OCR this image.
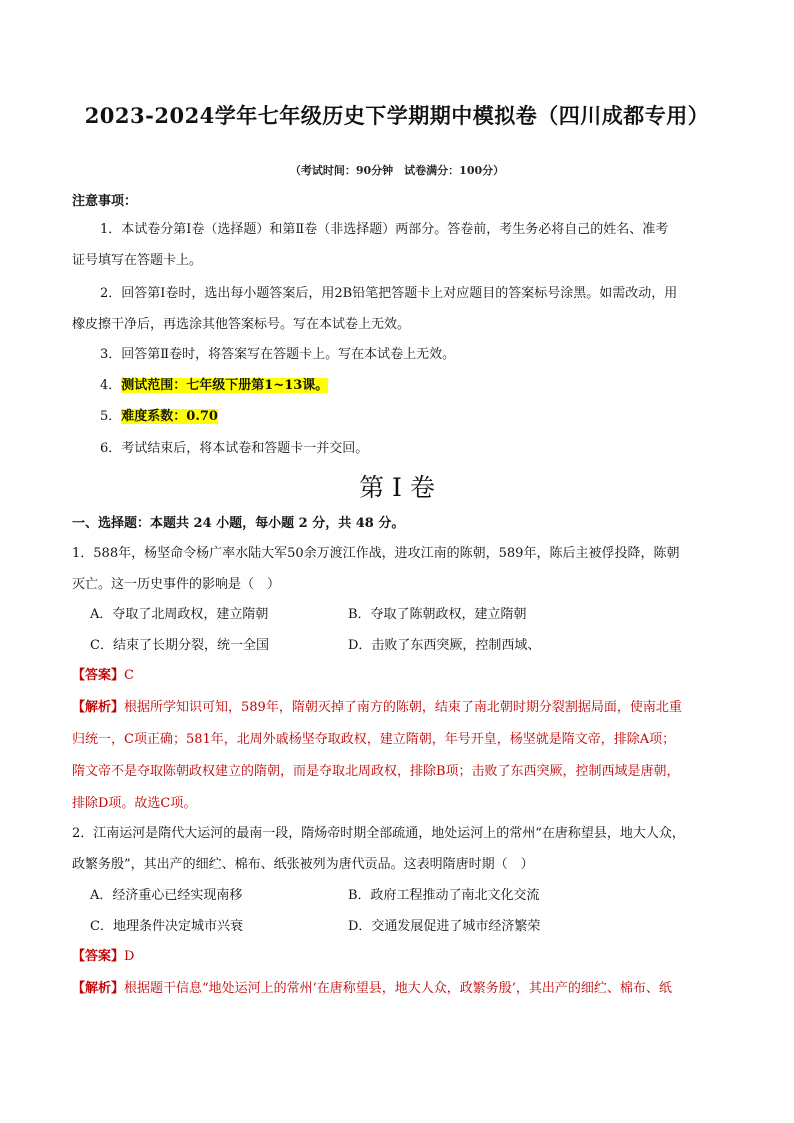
2023-2024学年七年级历史下学期期中模拟卷（四川成都专用）
（考试时间：90分钟　试卷满分：100分）
注意事项：
1．本试卷分第Ⅰ卷（选择题）和第Ⅱ卷（非选择题）两部分。答卷前，考生务必将自己的姓名、准考
证号填写在答题卡上。
2．回答第Ⅰ卷时，选出每小题答案后，用2B铅笔把答题卡上对应题目的答案标号涂黑。如需改动，用
橡皮擦干净后，再选涂其他答案标号。写在本试卷上无效。
3．回答第Ⅱ卷时，将答案写在答题卡上。写在本试卷上无效。
4．测试范围：七年级下册第1~13课。
5．难度系数：0.70
6．考试结束后，将本试卷和答题卡一并交回。
第 I 卷
一、选择题：本题共 24 小题，每小题 2 分，共 48 分。
1．588年，杨坚命令杨广率水陆大军50余万渡江作战，进攻江南的陈朝，589年，陈后主被俘投降，陈朝
灭亡。这一历史事件的影响是（　）
A．夺取了北周政权，建立隋朝	B．夺取了陈朝政权，建立隋朝
C．结束了长期分裂，统一全国	D．击败了东西突厥，控制西域、
【答案】C
【解析】根据所学知识可知，589年，隋朝灭掉了南方的陈朝，结束了南北朝时期分裂割据局面，使南北重
归统一，C项正确；581年，北周外戚杨坚夺取政权，建立隋朝，年号开皇，杨坚就是隋文帝，排除A项；
隋文帝不是夺取陈朝政权建立的隋朝，而是夺取北周政权，排除B项；击败了东西突厥，控制西域是唐朝，
排除D项。故选C项。
2．江南运河是隋代大运河的最南一段，隋炀帝时期全部疏通，地处运河上的常州“在唐称望县，地大人众，
政繁务殷”，其出产的细纻、棉布、纸张被列为唐代贡品。这表明隋唐时期（　）
A．经济重心已经实现南移	B．政府工程推动了南北文化交流
C．地理条件决定城市兴衰	D．交通发展促进了城市经济繁荣
【答案】D
【解析】根据题干信息“地处运河上的常州‘在唐称望县，地大人众，政繁务殷’，其出产的细纻、棉布、纸
